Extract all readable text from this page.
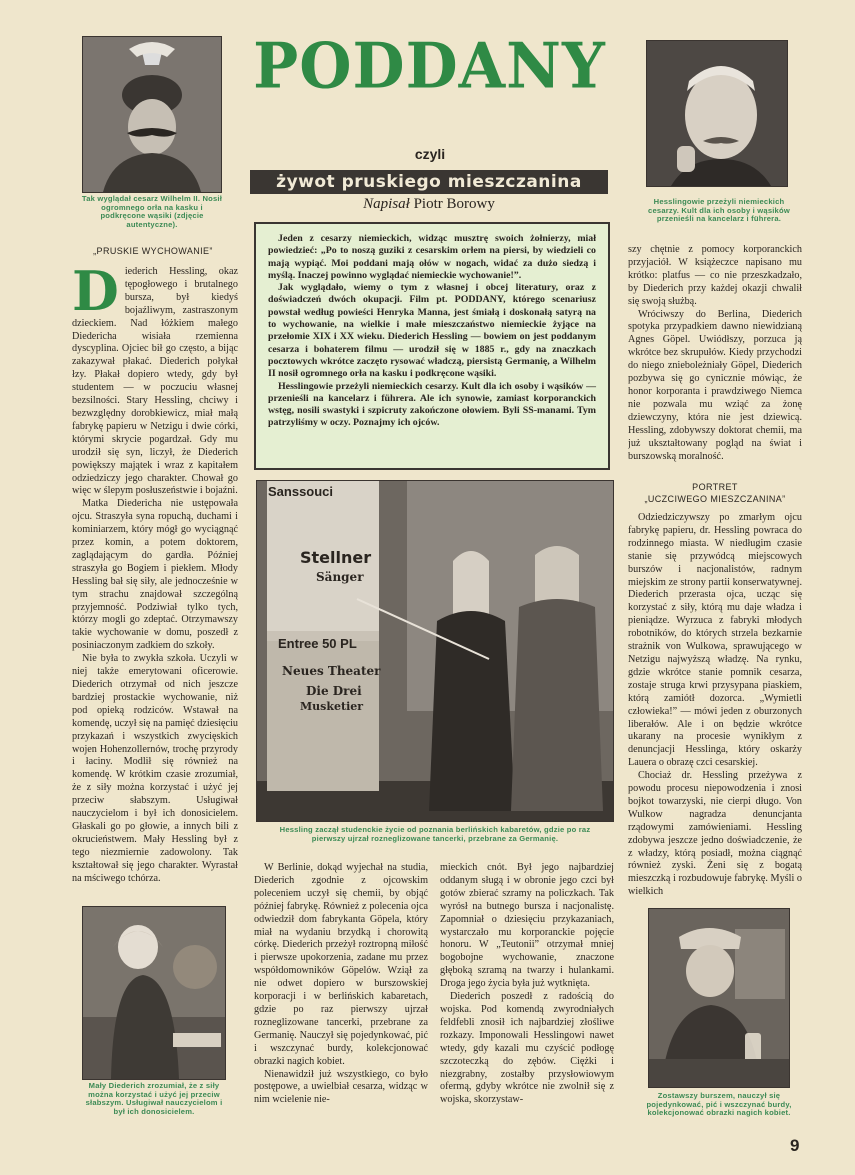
PODDANY
czyli
żywot pruskiego mieszczanina
Napisał Piotr Borowy
Tak wyglądał cesarz Wilhelm II. Nosił ogromnego orła na kasku i podkręcone wąsiki (zdjęcie autentyczne).
Hesslingowie przeżyli niemieckich cesarzy. Kult dla ich osoby i wąsików przenieśli na kancelarz i führera.

Jeden z cesarzy niemieckich, widząc musztrę swoich żołnierzy, miał powiedzieć: „Po to noszą guziki z cesarskim orłem na piersi, by wiedzieli co mają wypiąć. Moi poddani mają ołów w nogach, widać za dużo siedzą i myślą. Inaczej powinno wyglądać niemieckie wychowanie!”.

Jak wyglądało, wiemy o tym z własnej i obcej literatury, oraz z doświadczeń dwóch okupacji. Film pt. PODDANY, którego scenariusz powstał według powieści Henryka Manna, jest śmiałą i doskonałą satyrą na to wychowanie, na wielkie i małe mieszczaństwo niemieckie żyjące na przełomie XIX i XX wieku. Diederich Hessling — bowiem on jest poddanym cesarza i bohaterem filmu — urodził się w 1885 r., gdy na znaczkach pocztowych wkrótce zaczęto rysować władczą, piersistą Germanię, a Wilhelm II nosił ogromnego orła na kasku i podkręcone wąsiki.

Hesslingowie przeżyli niemieckich cesarzy. Kult dla ich osoby i wąsików — przenieśli na kancelarz i führera. Ale ich synowie, zamiast korporanckich wstęg, nosili swastyki i szpicruty zakończone ołowiem. Byli SS-manami. Tym patrzyliśmy w oczy. Poznajmy ich ojców.

„PRUSKIE WYCHOWANIE”
D iederich Hessling, okaz tępogłowego i brutalnego bursza, był kiedyś bojaźliwym, zastraszonym dzieckiem. Nad łóżkiem małego Diedericha wisiała rzemienna dyscyplina. Ojciec bił go często, a bijąc zakazywał płakać. Diederich połykał łzy. Płakał dopiero wtedy, gdy był studentem — w poczuciu własnej bezsilności. Stary Hessling, chciwy i bezwzględny dorobkiewicz, miał małą fabrykę papieru w Netzigu i dwie córki, którymi skrycie pogardzał. Gdy mu urodził się syn, liczył, że Diederich powiększy majątek i wraz z kapitałem odziedziczy jego charakter. Chował go więc w ślepym posłuszeństwie i bojaźni.

Matka Diedericha nie ustępowała ojcu. Straszyła syna ropuchą, duchami i kominiarzem, który mógł go wyciągnąć przez komin, a potem doktorem, zaglądającym do gardła. Później straszyła go Bogiem i piekłem. Młody Hessling bał się siły, ale jednocześnie w tym strachu znajdował szczególną przyjemność. Podziwiał tylko tych, którzy mogli go zdeptać. Otrzymawszy takie wychowanie w domu, poszedł z posiniaczonym zadkiem do szkoły.

Nie była to zwykła szkoła. Uczyli w niej także emerytowani oficerowie. Diederich otrzymał od nich jeszcze bardziej prostackie wychowanie, niż pod opieką rodziców. Wstawał na komendę, uczył się na pamięć dziesięciu przykazań i wszystkich zwycięskich wojen Hohenzollernów, trochę przyrody i łaciny. Modlił się również na komendę. W krótkim czasie zrozumiał, że z siły można korzystać i użyć jej przeciw słabszym. Usługiwał nauczycielom i był ich donosicielem. Głaskali go po głowie, a innych bili z okrucieństwem. Mały Hessling był z tego niezmiernie zadowolony. Tak kształtował się jego charakter. Wyrastał na mściwego tchórza.

Mały Diederich zrozumiał, że z siły można korzystać i użyć jej przeciw słabszym. Usługiwał nauczycielom i był ich donosicielem.
Sanssouci
Stellner
Sänger
Entree 50 PL
Neues Theater
Die Drei
Musketier
Hessling zaczął studenckie życie od poznania berlińskich kabaretów, gdzie po raz pierwszy ujrzał rozneglizowane tancerki, przebrane za Germanię.

W Berlinie, dokąd wyjechał na studia, Diederich zgodnie z ojcowskim poleceniem uczył się chemii, by objąć później fabrykę. Również z polecenia ojca odwiedził dom fabrykanta Göpela, który miał na wydaniu brzydką i chorowitą córkę. Diederich przeżył roztropną miłość i pierwsze upokorzenia, zadane mu przez współdomowników Göpelów. Wziął za nie odwet dopiero w burszowskiej korporacji i w berlińskich kabaretach, gdzie po raz pierwszy ujrzał rozneglizowane tancerki, przebrane za Germanię. Nauczył się pojedynkować, pić i wszczynać burdy, kolekcjonować obrazki nagich kobiet.

Nienawidził już wszystkiego, co było postępowe, a uwielbiał cesarza, widząc w nim wcielenie nie-

mieckich cnót. Był jego najbardziej oddanym sługą i w obronie jego czci był gotów zbierać szramy na policzkach. Tak wyrósł na butnego bursza i nacjonalistę. Zapomniał o dziesięciu przykazaniach, wystarczało mu korporanckie pojęcie honoru. W „Teutonii” otrzymał mniej bogobojne wychowanie, znaczone głęboką szramą na twarzy i hulankami. Droga jego życia była już wytknięta.

Diederich poszedł z radością do wojska. Pod komendą zwyrodniałych feldfebli znosił ich najbardziej złośliwe rozkazy. Imponowali Hesslingowi nawet wtedy, gdy kazali mu czyścić podłogę szczoteczką do zębów. Ciężki i niezgrabny, zostałby przysłowiowym ofermą, gdyby wkrótce nie zwolnił się z wojska, skorzystaw-

szy chętnie z pomocy korporanckich przyjaciół. W książeczce napisano mu krótko: platfus — co nie przeszkadzało, by Diederich przy każdej okazji chwalił się swoją służbą.

Wróciwszy do Berlina, Diederich spotyka przypadkiem dawno niewidzianą Agnes Göpel. Uwiódłszy, porzuca ją wkrótce bez skrupułów. Kiedy przychodzi do niego znieboleżniały Göpel, Diederich pozbywa się go cynicznie mówiąc, że honor korporanta i prawdziwego Niemca nie pozwala mu wziąć za żonę dziewczyny, która nie jest dziewicą. Hessling, zdobywszy doktorat chemii, ma już ukształtowany pogląd na świat i burszowską moralność.

PORTRET
„UCZCIWEGO MIESZCZANINA”

Odziedziczywszy po zmarłym ojcu fabrykę papieru, dr. Hessling powraca do rodzinnego miasta. W niedługim czasie stanie się przywódcą miejscowych burszów i nacjonalistów, radnym miejskim ze strony partii konserwatywnej. Diederich przerasta ojca, ucząc się korzystać z siły, którą mu daje władza i pieniądze. Wyrzuca z fabryki młodych robotników, do których strzela bezkarnie strażnik von Wulkowa, sprawującego w Netzigu najwyższą władzę. Na rynku, gdzie wkrótce stanie pomnik cesarza, zostaje struga krwi przysypana piaskiem, którą zamiótł dozorca. „Wymietli człowieka!” — mówi jeden z oburzonych liberałów. Ale i on będzie wkrótce ukarany na procesie wynikłym z denuncjacji Hesslinga, który oskarży Lauera o obrazę czci cesarskiej.

Chociaż dr. Hessling przeżywa z powodu procesu niepowodzenia i znosi bojkot towarzyski, nie cierpi długo. Von Wulkow nagradza denuncjanta rządowymi zamówieniami. Hessling zdobywa jeszcze jedno doświadczenie, że z władzy, którą posiadł, można ciągnąć również zyski. Żeni się z bogatą mieszczką i rozbudowuje fabrykę. Myśli o wielkich

Zostawszy burszem, nauczył się pojedynkować, pić i wszczynać burdy, kolekcjonować obrazki nagich kobiet.
9
